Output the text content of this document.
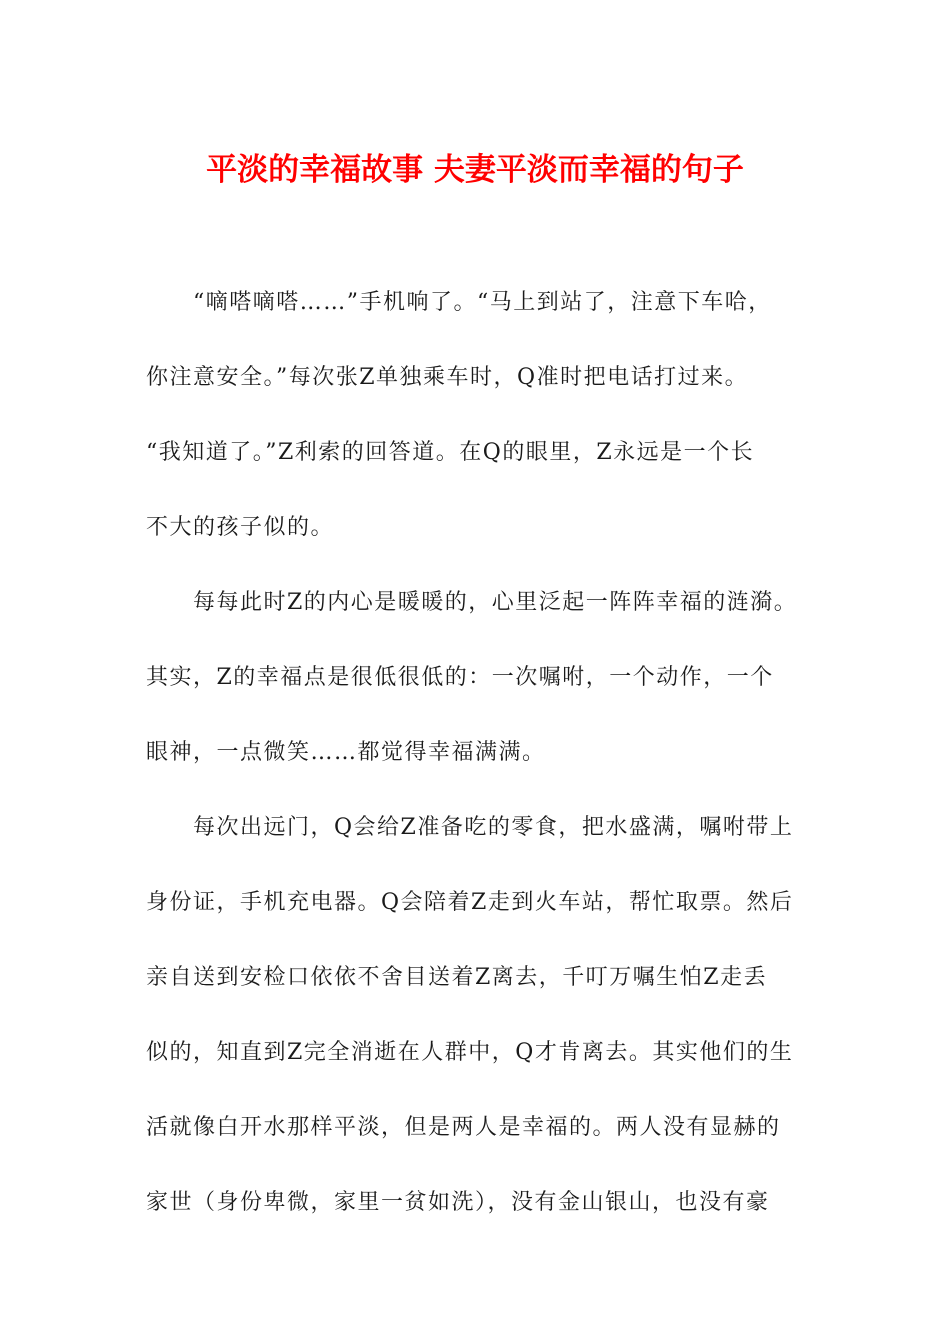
平淡的幸福故事 夫妻平淡而幸福的句子
“嘀嗒嘀嗒……”手机响了。“马上到站了，注意下车哈，
你注意安全。”每次张Z单独乘车时，Q准时把电话打过来。
“我知道了。”Z利索的回答道。在Q的眼里，Z永远是一个长
不大的孩子似的。
每每此时Z的内心是暖暖的，心里泛起一阵阵幸福的涟漪。
其实，Z的幸福点是很低很低的：一次嘱咐，一个动作，一个
眼神，一点微笑……都觉得幸福满满。
每次出远门，Q会给Z准备吃的零食，把水盛满，嘱咐带上
身份证，手机充电器。Q会陪着Z走到火车站，帮忙取票。然后
亲自送到安检口依依不舍目送着Z离去，千叮万嘱生怕Z走丢
似的，知直到Z完全消逝在人群中，Q才肯离去。其实他们的生
活就像白开水那样平淡，但是两人是幸福的。两人没有显赫的
家世（身份卑微，家里一贫如洗），没有金山银山，也没有豪
